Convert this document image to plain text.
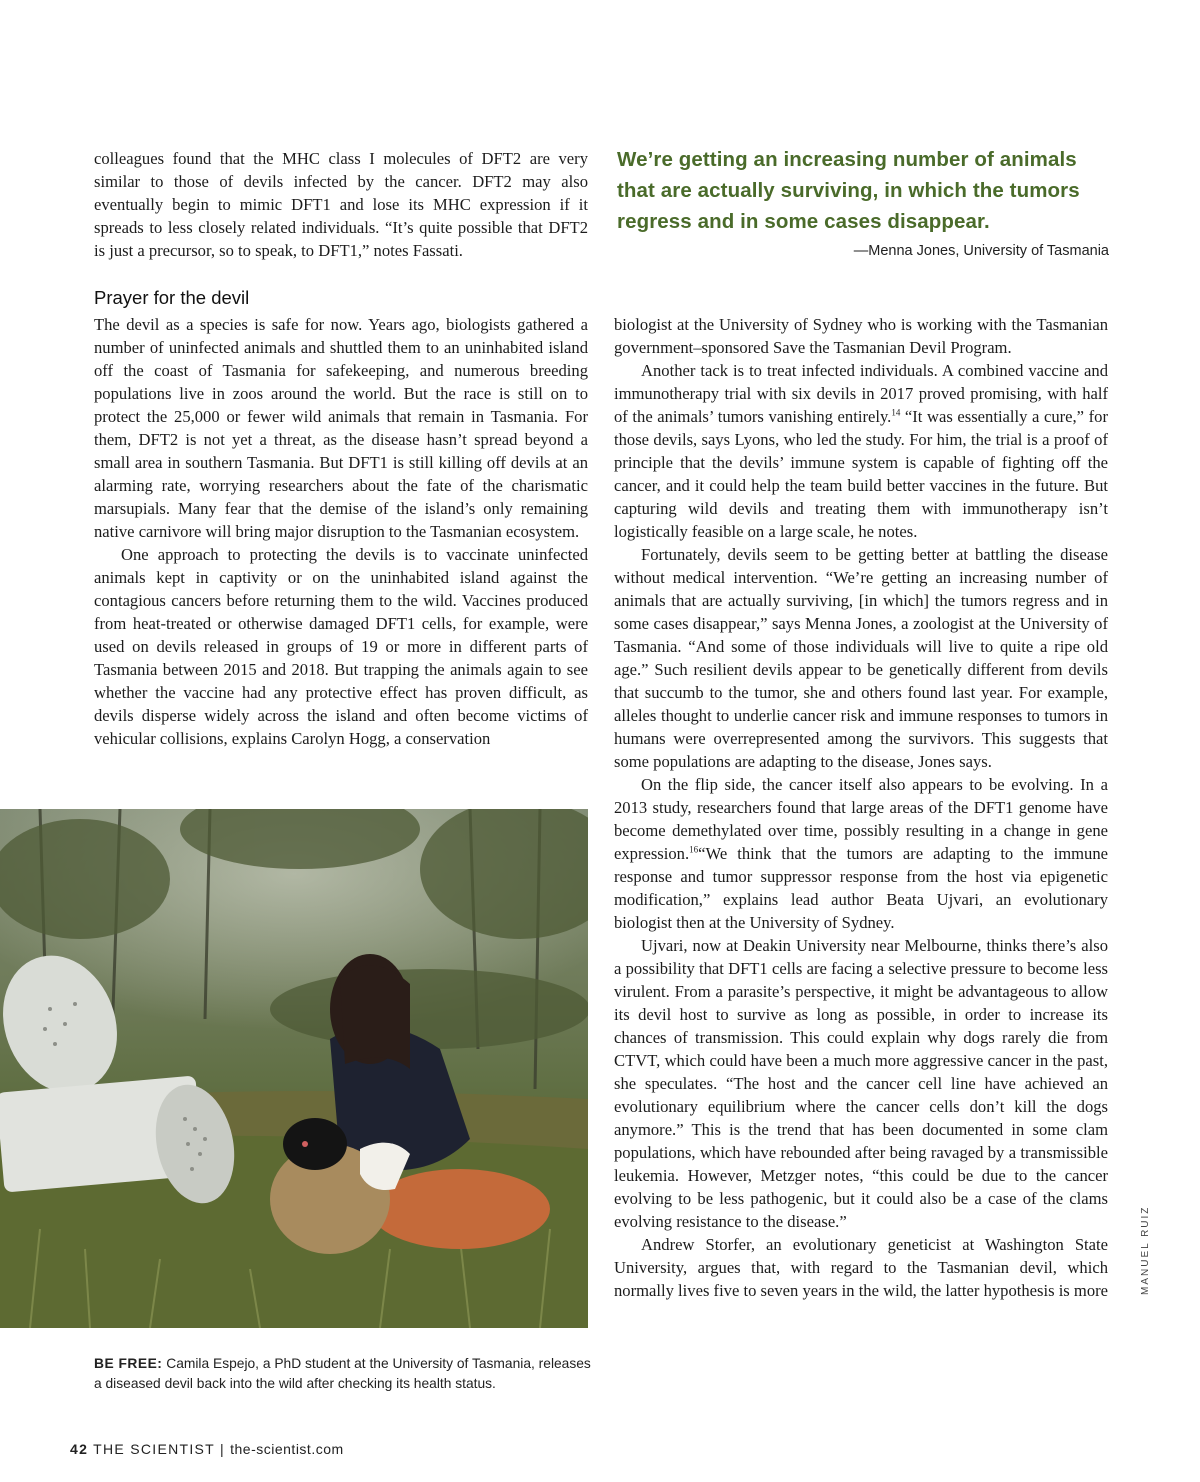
colleagues found that the MHC class I molecules of DFT2 are very similar to those of devils infected by the cancer. DFT2 may also eventually begin to mimic DFT1 and lose its MHC expression if it spreads to less closely related individuals. “It’s quite possible that DFT2 is just a precursor, so to speak, to DFT1,” notes Fassati.

We’re getting an increasing number of animals that are actually surviving, in which the tumors regress and in some cases disappear.

—Menna Jones, University of Tasmania
Prayer for the devil

The devil as a species is safe for now. Years ago, biologists gathered a number of uninfected animals and shuttled them to an uninhabited island off the coast of Tasmania for safekeeping, and numerous breeding populations live in zoos around the world. But the race is still on to protect the 25,000 or fewer wild animals that remain in Tasmania. For them, DFT2 is not yet a threat, as the disease hasn’t spread beyond a small area in southern Tasmania. But DFT1 is still killing off devils at an alarming rate, worrying researchers about the fate of the charismatic marsupials. Many fear that the demise of the island’s only remaining native carnivore will bring major disruption to the Tasmanian ecosystem.

One approach to protecting the devils is to vaccinate uninfected animals kept in captivity or on the uninhabited island against the contagious cancers before returning them to the wild. Vaccines produced from heat-treated or otherwise damaged DFT1 cells, for example, were used on devils released in groups of 19 or more in different parts of Tasmania between 2015 and 2018. But trapping the animals again to see whether the vaccine had any protective effect has proven difficult, as devils disperse widely across the island and often become victims of vehicular collisions, explains Carolyn Hogg, a conservation

biologist at the University of Sydney who is working with the Tasmanian government–sponsored Save the Tasmanian Devil Program.

Another tack is to treat infected individuals. A combined vaccine and immunotherapy trial with six devils in 2017 proved promising, with half of the animals’ tumors vanishing entirely.$^{14}$ “It was essentially a cure,” for those devils, says Lyons, who led the study. For him, the trial is a proof of principle that the devils’ immune system is capable of fighting off the cancer, and it could help the team build better vaccines in the future. But capturing wild devils and treating them with immunotherapy isn’t logistically feasible on a large scale, he notes.

Fortunately, devils seem to be getting better at battling the disease without medical intervention. “We’re getting an increasing number of animals that are actually surviving, [in which] the tumors regress and in some cases disappear,” says Menna Jones, a zoologist at the University of Tasmania. “And some of those individuals will live to quite a ripe old age.” Such resilient devils appear to be genetically different from devils that succumb to the tumor, she and others found last year. For example, alleles thought to underlie cancer risk and immune responses to tumors in humans were overrepresented among the survivors. This suggests that some populations are adapting to the disease, Jones says.

On the flip side, the cancer itself also appears to be evolving. In a 2013 study, researchers found that large areas of the DFT1 genome have become demethylated over time, possibly resulting in a change in gene expression.$^{16}$“We think that the tumors are adapting to the immune response and tumor suppressor response from the host via epigenetic modification,” explains lead author Beata Ujvari, an evolutionary biologist then at the University of Sydney.

Ujvari, now at Deakin University near Melbourne, thinks there’s also a possibility that DFT1 cells are facing a selective pressure to become less virulent. From a parasite’s perspective, it might be advantageous to allow its devil host to survive as long as possible, in order to increase its chances of transmission. This could explain why dogs rarely die from CTVT, which could have been a much more aggressive cancer in the past, she speculates. “The host and the cancer cell line have achieved an evolutionary equilibrium where the cancer cells don’t kill the dogs anymore.” This is the trend that has been documented in some clam populations, which have rebounded after being ravaged by a transmissible leukemia. However, Metzger notes, “this could be due to the cancer evolving to be less pathogenic, but it could also be a case of the clams evolving resistance to the disease.”

Andrew Storfer, an evolutionary geneticist at Washington State University, argues that, with regard to the Tasmanian devil, which normally lives five to seven years in the wild, the latter hypothesis is more

BE FREE: Camila Espejo, a PhD student at the University of Tasmania, releases a diseased devil back into the wild after checking its health status.
MANUEL RUIZ
42 THE SCIENTIST | the-scientist.com
